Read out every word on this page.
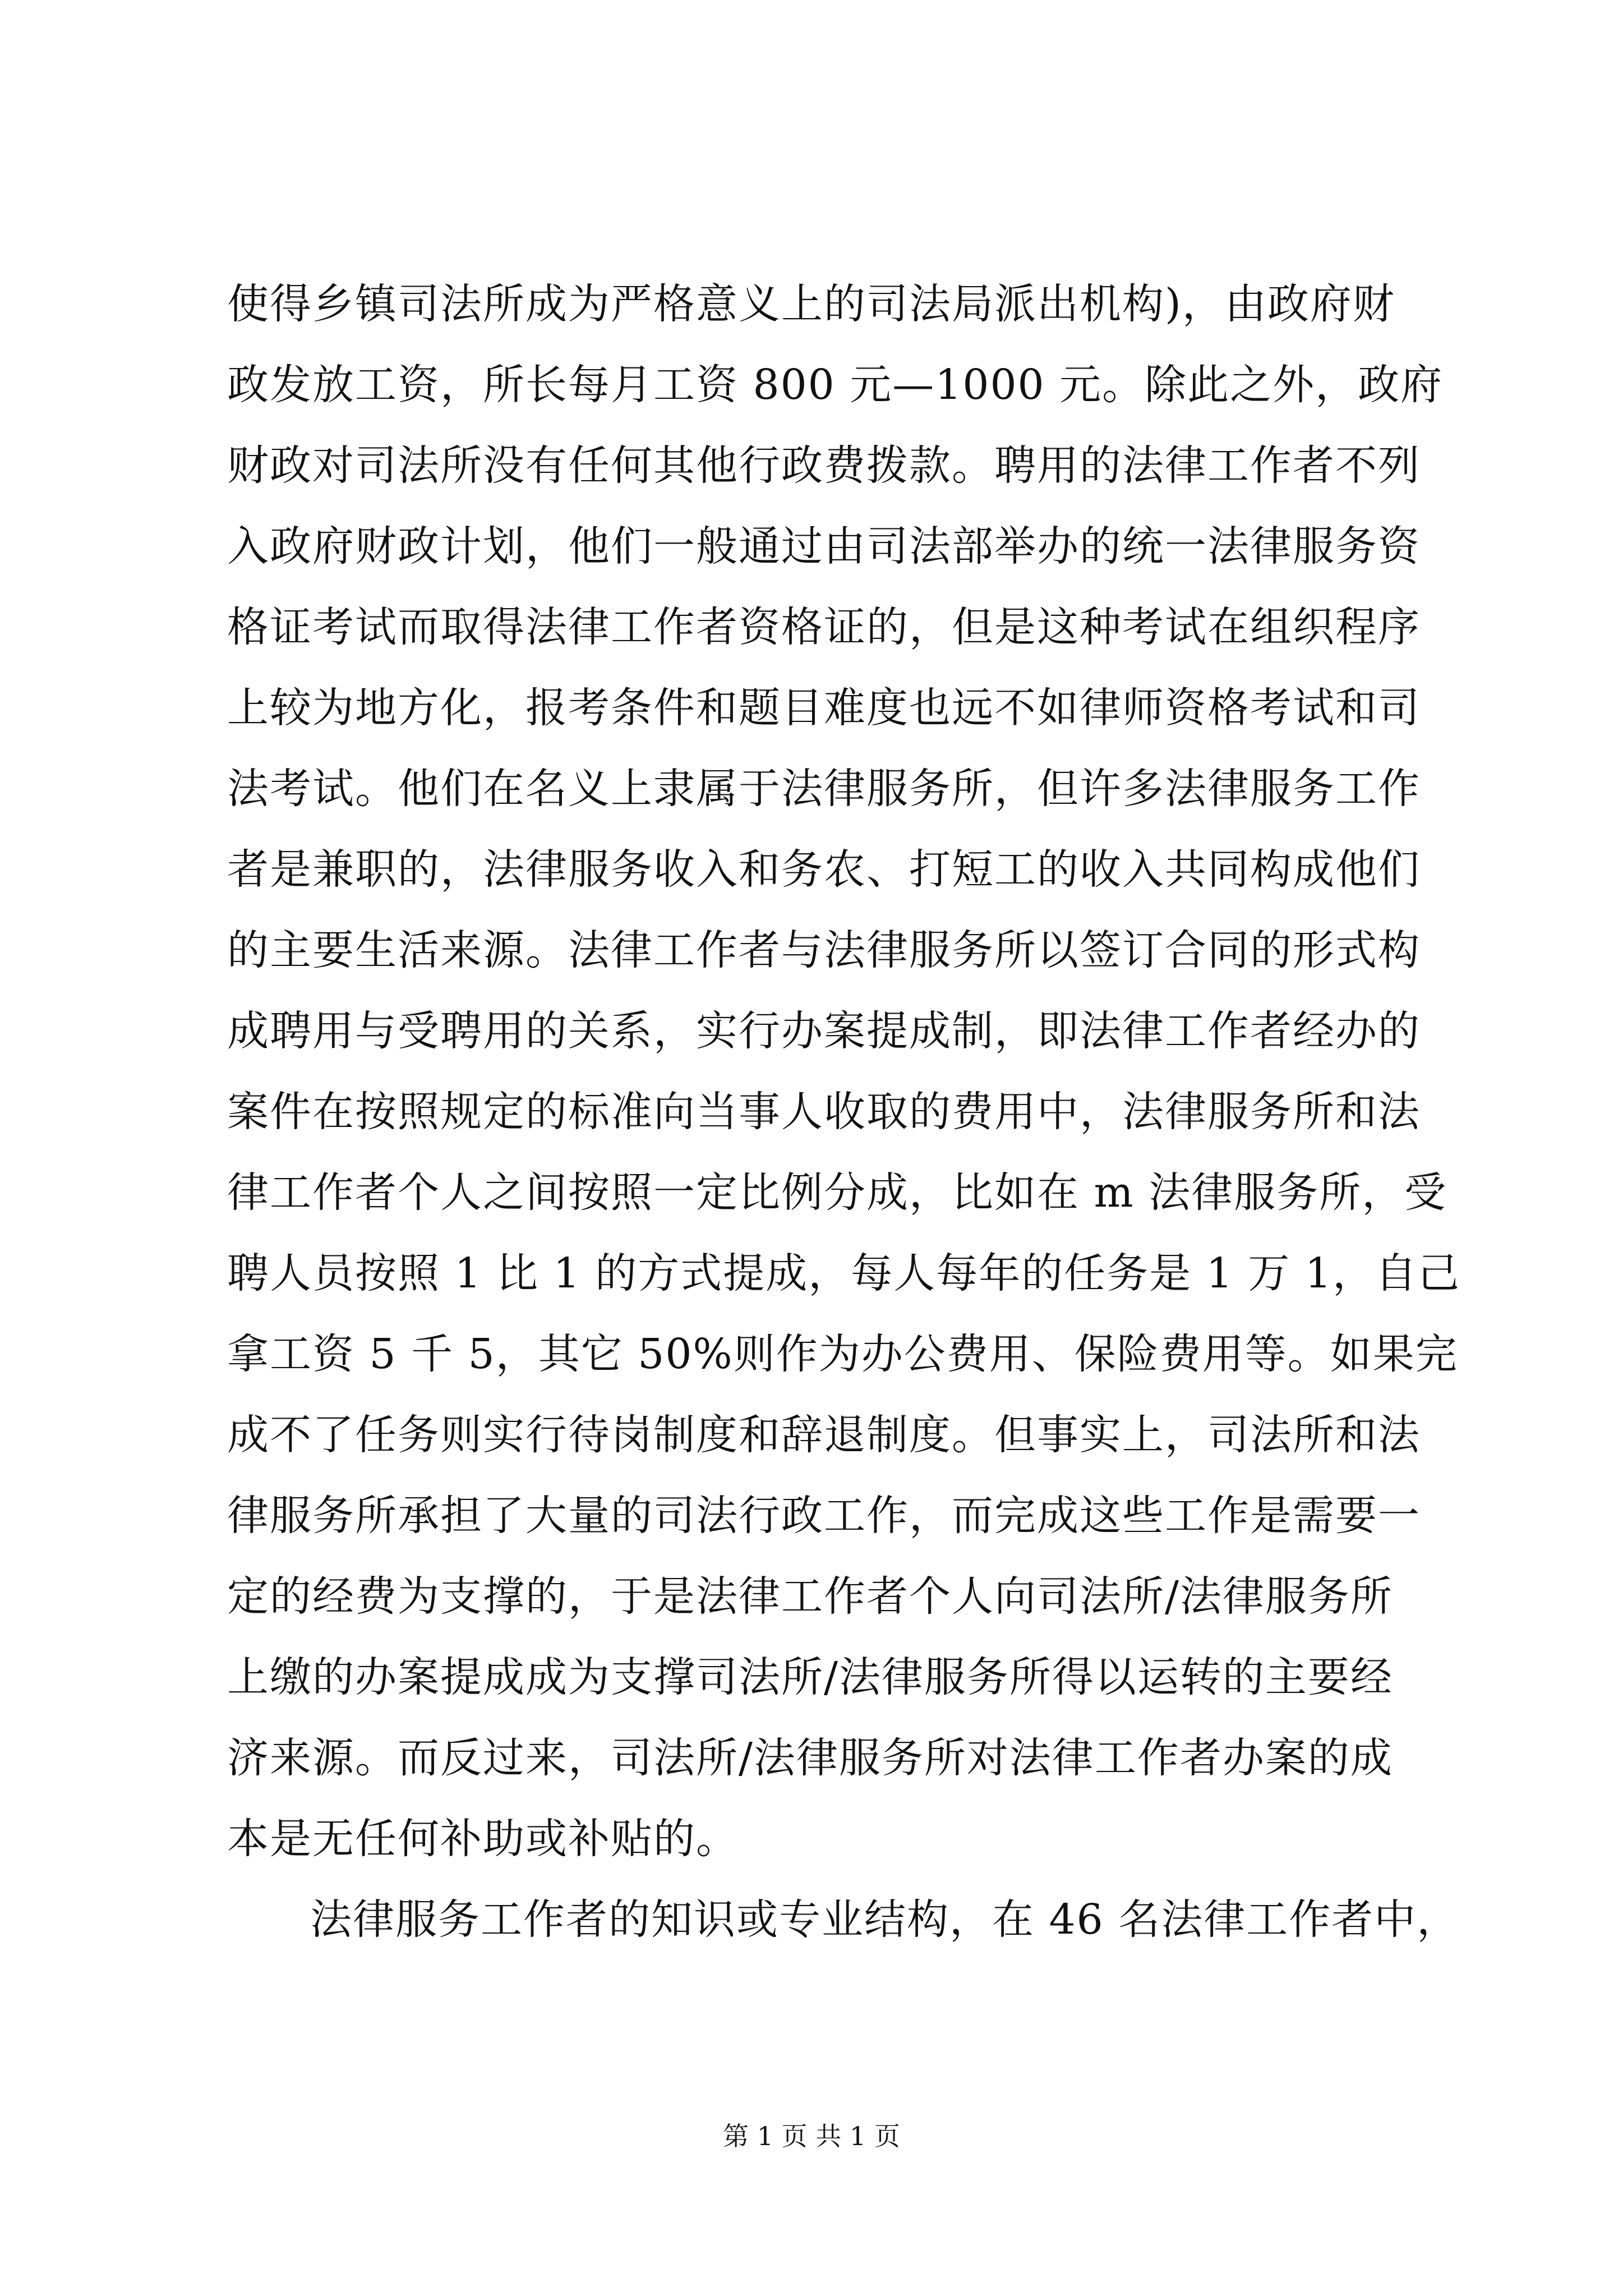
使得乡镇司法所成为严格意义上的司法局派出机构)，由政府财
政发放工资，所长每月工资 800 元—1000 元。除此之外，政府
财政对司法所没有任何其他行政费拨款。聘用的法律工作者不列
入政府财政计划，他们一般通过由司法部举办的统一法律服务资
格证考试而取得法律工作者资格证的，但是这种考试在组织程序
上较为地方化，报考条件和题目难度也远不如律师资格考试和司
法考试。他们在名义上隶属于法律服务所，但许多法律服务工作
者是兼职的，法律服务收入和务农、打短工的收入共同构成他们
的主要生活来源。法律工作者与法律服务所以签订合同的形式构
成聘用与受聘用的关系，实行办案提成制，即法律工作者经办的
案件在按照规定的标准向当事人收取的费用中，法律服务所和法
律工作者个人之间按照一定比例分成，比如在 m 法律服务所，受
聘人员按照 1 比 1 的方式提成，每人每年的任务是 1 万 1，自己
拿工资 5 千 5，其它 50%则作为办公费用、保险费用等。如果完
成不了任务则实行待岗制度和辞退制度。但事实上，司法所和法
律服务所承担了大量的司法行政工作，而完成这些工作是需要一
定的经费为支撑的，于是法律工作者个人向司法所/法律服务所
上缴的办案提成成为支撑司法所/法律服务所得以运转的主要经
济来源。而反过来，司法所/法律服务所对法律工作者办案的成
本是无任何补助或补贴的。
法律服务工作者的知识或专业结构，在 46 名法律工作者中，
第 1 页 共 1 页
